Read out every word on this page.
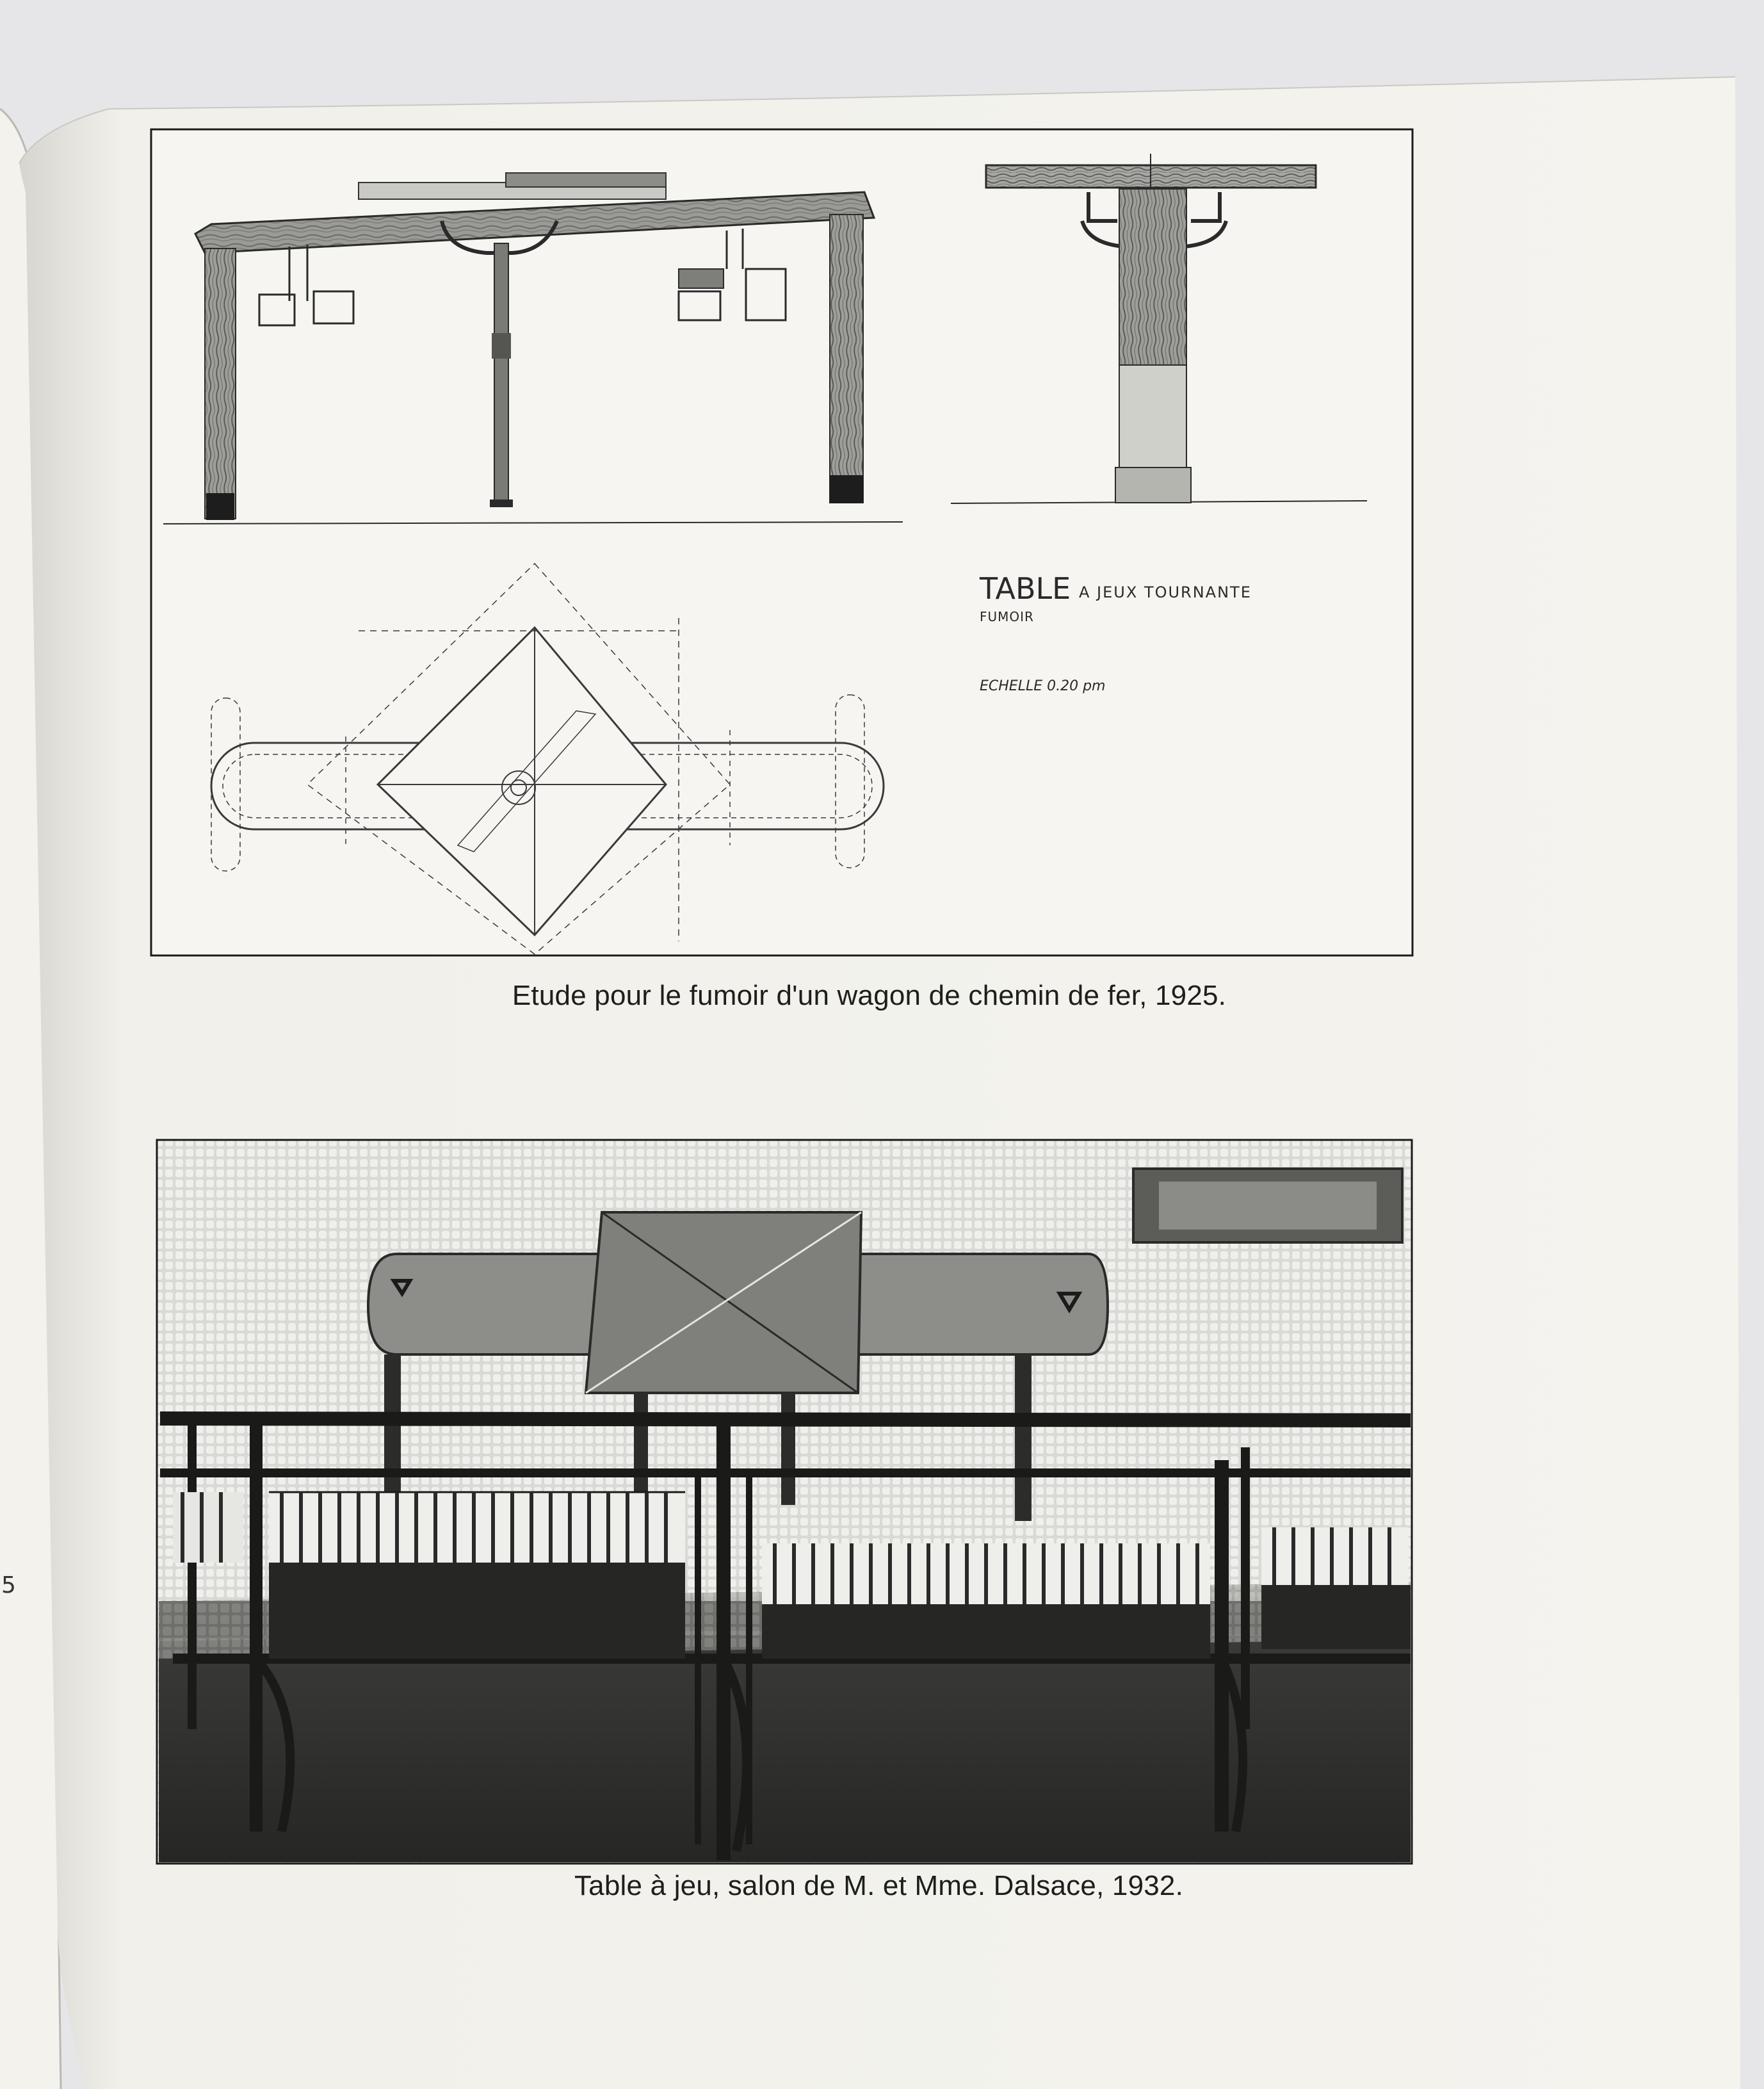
TABLE A JEUX TOURNANTE
FUMOIR
ECHELLE 0.20 pm
Etude pour le fumoir d'un wagon de chemin de fer, 1925.
Table à jeu, salon de M. et Mme. Dalsace, 1932.
5
